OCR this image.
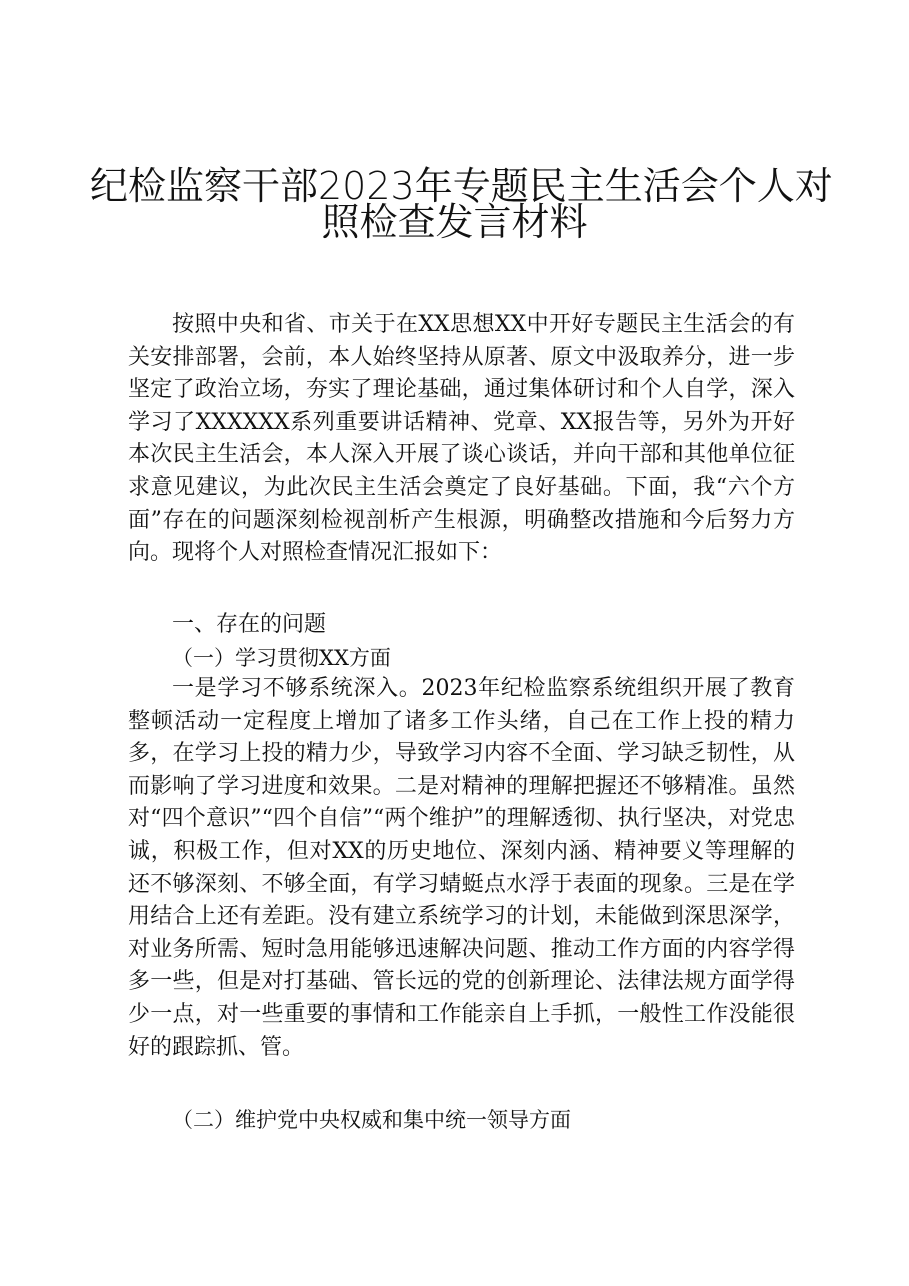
纪检监察干部2023年专题民主生活会个人对
照检查发言材料
按照中央和省、市关于在XX思想XX中开好专题民主生活会的有关安排部署，会前，本人始终坚持从原著、原文中汲取养分，进一步坚定了政治立场，夯实了理论基础，通过集体研讨和个人自学，深入学习了XXXXXX系列重要讲话精神、党章、XX报告等，另外为开好本次民主生活会，本人深入开展了谈心谈话，并向干部和其他单位征求意见建议，为此次民主生活会奠定了良好基础。下面，我“六个方面”存在的问题深刻检视剖析产生根源，明确整改措施和今后努力方向。现将个人对照检查情况汇报如下：
一、存在的问题
（一）学习贯彻XX方面
一是学习不够系统深入。2023年纪检监察系统组织开展了教育整顿活动一定程度上增加了诸多工作头绪，自己在工作上投的精力多，在学习上投的精力少，导致学习内容不全面、学习缺乏韧性，从而影响了学习进度和效果。二是对精神的理解把握还不够精准。虽然对“四个意识”“四个自信”“两个维护”的理解透彻、执行坚决，对党忠诚，积极工作，但对XX的历史地位、深刻内涵、精神要义等理解的还不够深刻、不够全面，有学习蜻蜓点水浮于表面的现象。三是在学用结合上还有差距。没有建立系统学习的计划，未能做到深思深学，对业务所需、短时急用能够迅速解决问题、推动工作方面的内容学得多一些，但是对打基础、管长远的党的创新理论、法律法规方面学得少一点，对一些重要的事情和工作能亲自上手抓，一般性工作没能很好的跟踪抓、管。
（二）维护党中央权威和集中统一领导方面
